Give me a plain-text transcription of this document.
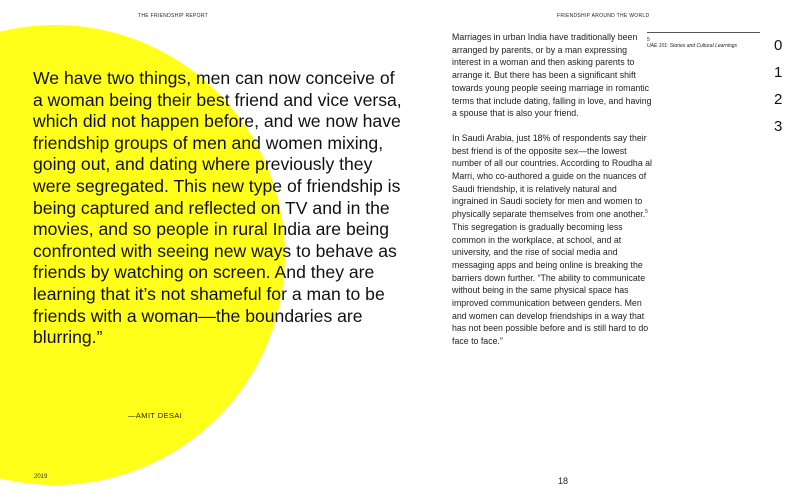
THE FRIENDSHIP REPORT	FRIENDSHIP AROUND THE WORLD

We have two things, men can now conceive of a woman being their best friend and vice versa, which did not happen before, and we now have friendship groups of men and women mixing, going out, and dating where previously they were segregated. This new type of friendship is being captured and reflected on TV and in the movies, and so people in rural India are being confronted with seeing new ways to behave as friends by watching on screen. And they are learning that it’s not shameful for a man to be friends with a woman—the boundaries are blurring.”

—AMIT DESAI

Marriages in urban India have traditionally been arranged by parents, or by a man expressing interest in a woman and then asking parents to arrange it. But there has been a significant shift towards young people seeing marriage in romantic terms that include dating, falling in love, and having a spouse that is also your friend.

In Saudi Arabia, just 18% of respondents say their best friend is of the opposite sex—the lowest number of all our countries. According to Roudha al Marri, who co-authored a guide on the nuances of Saudi friendship, it is relatively natural and ingrained in Saudi society for men and women to physically separate themselves from one another.$^5$ This segregation is gradually becoming less common in the workplace, at school, and at university, and the rise of social media and messaging apps and being online is breaking the barriers down further. “The ability to communicate without being in the same physical space has improved communication between genders. Men and women can develop friendships in a way that has not been possible before and is still hard to do face to face.”

5

UAE 101: Stories and Cultural Learnings	0
1
2
3
2019	18
